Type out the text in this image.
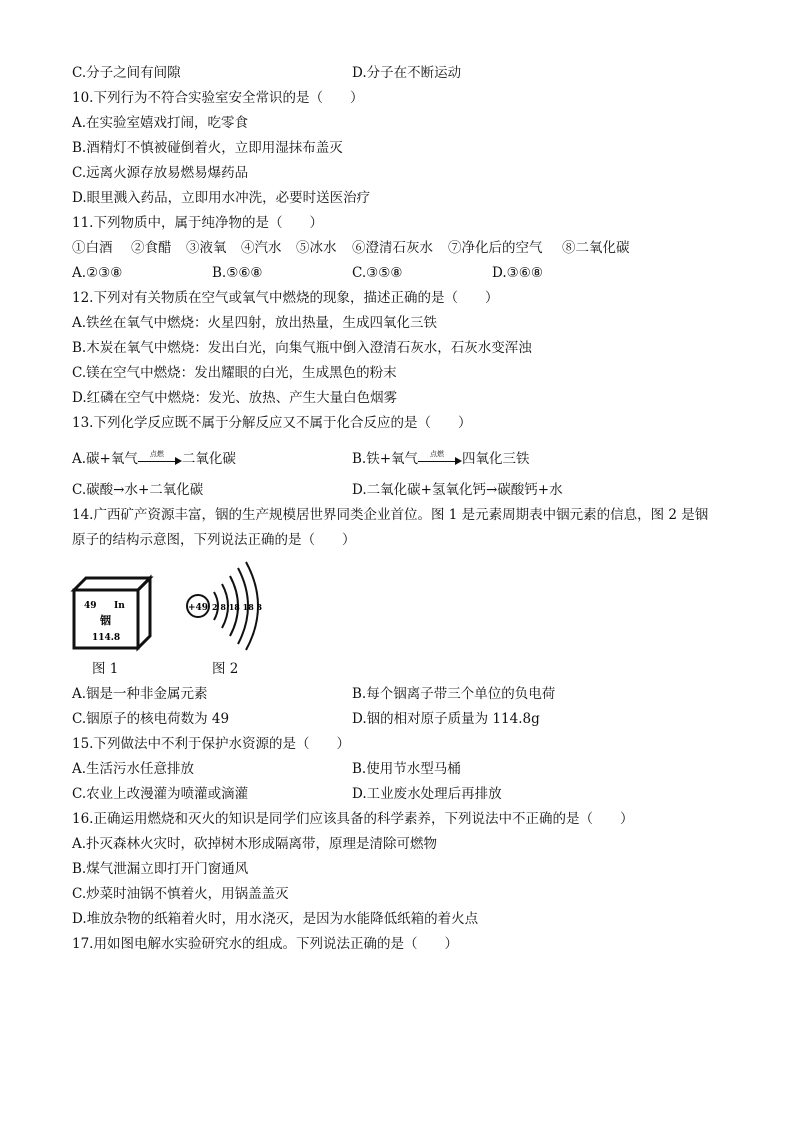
C.分子之间有间隙	D.分子在不断运动
10.下列行为不符合实验室安全常识的是（　　）
A.在实验室嬉戏打闹，吃零食
B.酒精灯不慎被碰倒着火，立即用湿抹布盖灭
C.远离火源存放易燃易爆药品
D.眼里溅入药品，立即用水冲洗，必要时送医治疗
11.下列物质中，属于纯净物的是（　　）
①白酒 ②食醋 ③液氧 ④汽水 ⑤冰水 ⑥澄清石灰水 ⑦净化后的空气 ⑧二氧化碳
A.②③⑧	B.⑤⑥⑧	C.③⑤⑧	D.③⑥⑧
12.下列对有关物质在空气或氧气中燃烧的现象，描述正确的是（　　）
A.铁丝在氧气中燃烧：火星四射，放出热量，生成四氧化三铁
B.木炭在氧气中燃烧：发出白光，向集气瓶中倒入澄清石灰水，石灰水变浑浊
C.镁在空气中燃烧：发出耀眼的白光，生成黑色的粉末
D.红磷在空气中燃烧：发光、放热、产生大量白色烟雾
13.下列化学反应既不属于分解反应又不属于化合反应的是（　　）
A.碳+氧气 点燃 二氧化碳	B.铁+氧气 点燃 四氧化三铁
C.碳酸→水+二氧化碳	D.二氧化碳+氢氧化钙→碳酸钙+水
14.广西矿产资源丰富，铟的生产规模居世界同类企业首位。图 1 是元素周期表中铟元素的信息，图 2 是铟
原子的结构示意图，下列说法正确的是（　　）
49 In
铟
114.8
+49 2 8 18 18 3
图 1	图 2
A.铟是一种非金属元素	B.每个铟离子带三个单位的负电荷
C.铟原子的核电荷数为 49	D.铟的相对原子质量为 114.8g
15.下列做法中不利于保护水资源的是（　　）
A.生活污水任意排放	B.使用节水型马桶
C.农业上改漫灌为喷灌或滴灌	D.工业废水处理后再排放
16.正确运用燃烧和灭火的知识是同学们应该具备的科学素养，下列说法中不正确的是（　　）
A.扑灭森林火灾时，砍掉树木形成隔离带，原理是清除可燃物
B.煤气泄漏立即打开门窗通风
C.炒菜时油锅不慎着火，用锅盖盖灭
D.堆放杂物的纸箱着火时，用水浇灭，是因为水能降低纸箱的着火点
17.用如图电解水实验研究水的组成。下列说法正确的是（　　）
